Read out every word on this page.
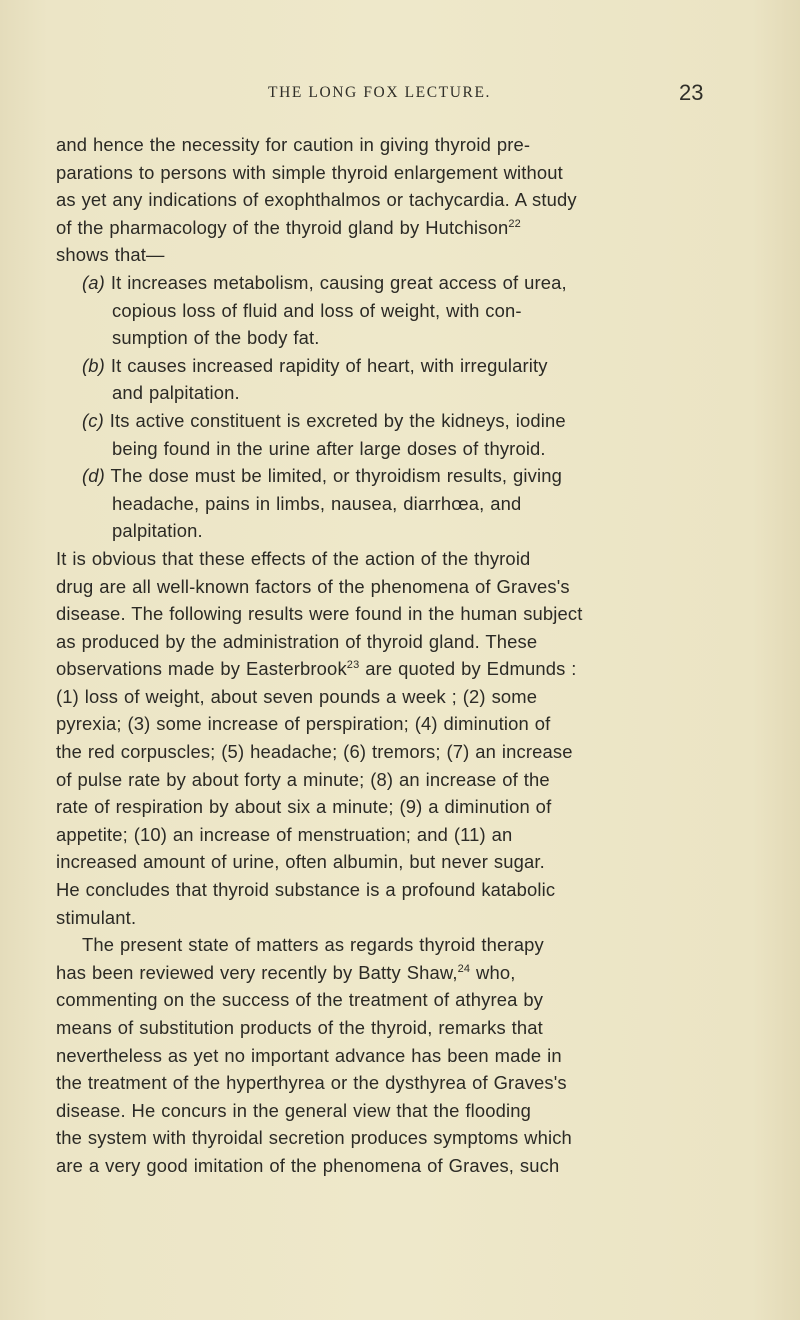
THE LONG FOX LECTURE.	23
and hence the necessity for caution in giving thyroid pre-
parations to persons with simple thyroid enlargement without
as yet any indications of exophthalmos or tachycardia. A study
of the pharmacology of the thyroid gland by Hutchison$^{22}$
shows that—
(a) It increases metabolism, causing great access of urea,
copious loss of fluid and loss of weight, with con-
sumption of the body fat.
(b) It causes increased rapidity of heart, with irregularity
and palpitation.
(c) Its active constituent is excreted by the kidneys, iodine
being found in the urine after large doses of thyroid.
(d) The dose must be limited, or thyroidism results, giving
headache, pains in limbs, nausea, diarrhœa, and
palpitation.
It is obvious that these effects of the action of the thyroid
drug are all well-known factors of the phenomena of Graves's
disease. The following results were found in the human subject
as produced by the administration of thyroid gland. These
observations made by Easterbrook$^{23}$ are quoted by Edmunds :
(1) loss of weight, about seven pounds a week ; (2) some
pyrexia; (3) some increase of perspiration; (4) diminution of
the red corpuscles; (5) headache; (6) tremors; (7) an increase
of pulse rate by about forty a minute; (8) an increase of the
rate of respiration by about six a minute; (9) a diminution of
appetite; (10) an increase of menstruation; and (11) an
increased amount of urine, often albumin, but never sugar.
He concludes that thyroid substance is a profound katabolic
stimulant.
The present state of matters as regards thyroid therapy
has been reviewed very recently by Batty Shaw,$^{24}$ who,
commenting on the success of the treatment of athyrea by
means of substitution products of the thyroid, remarks that
nevertheless as yet no important advance has been made in
the treatment of the hyperthyrea or the dysthyrea of Graves's
disease. He concurs in the general view that the flooding
the system with thyroidal secretion produces symptoms which
are a very good imitation of the phenomena of Graves, such
